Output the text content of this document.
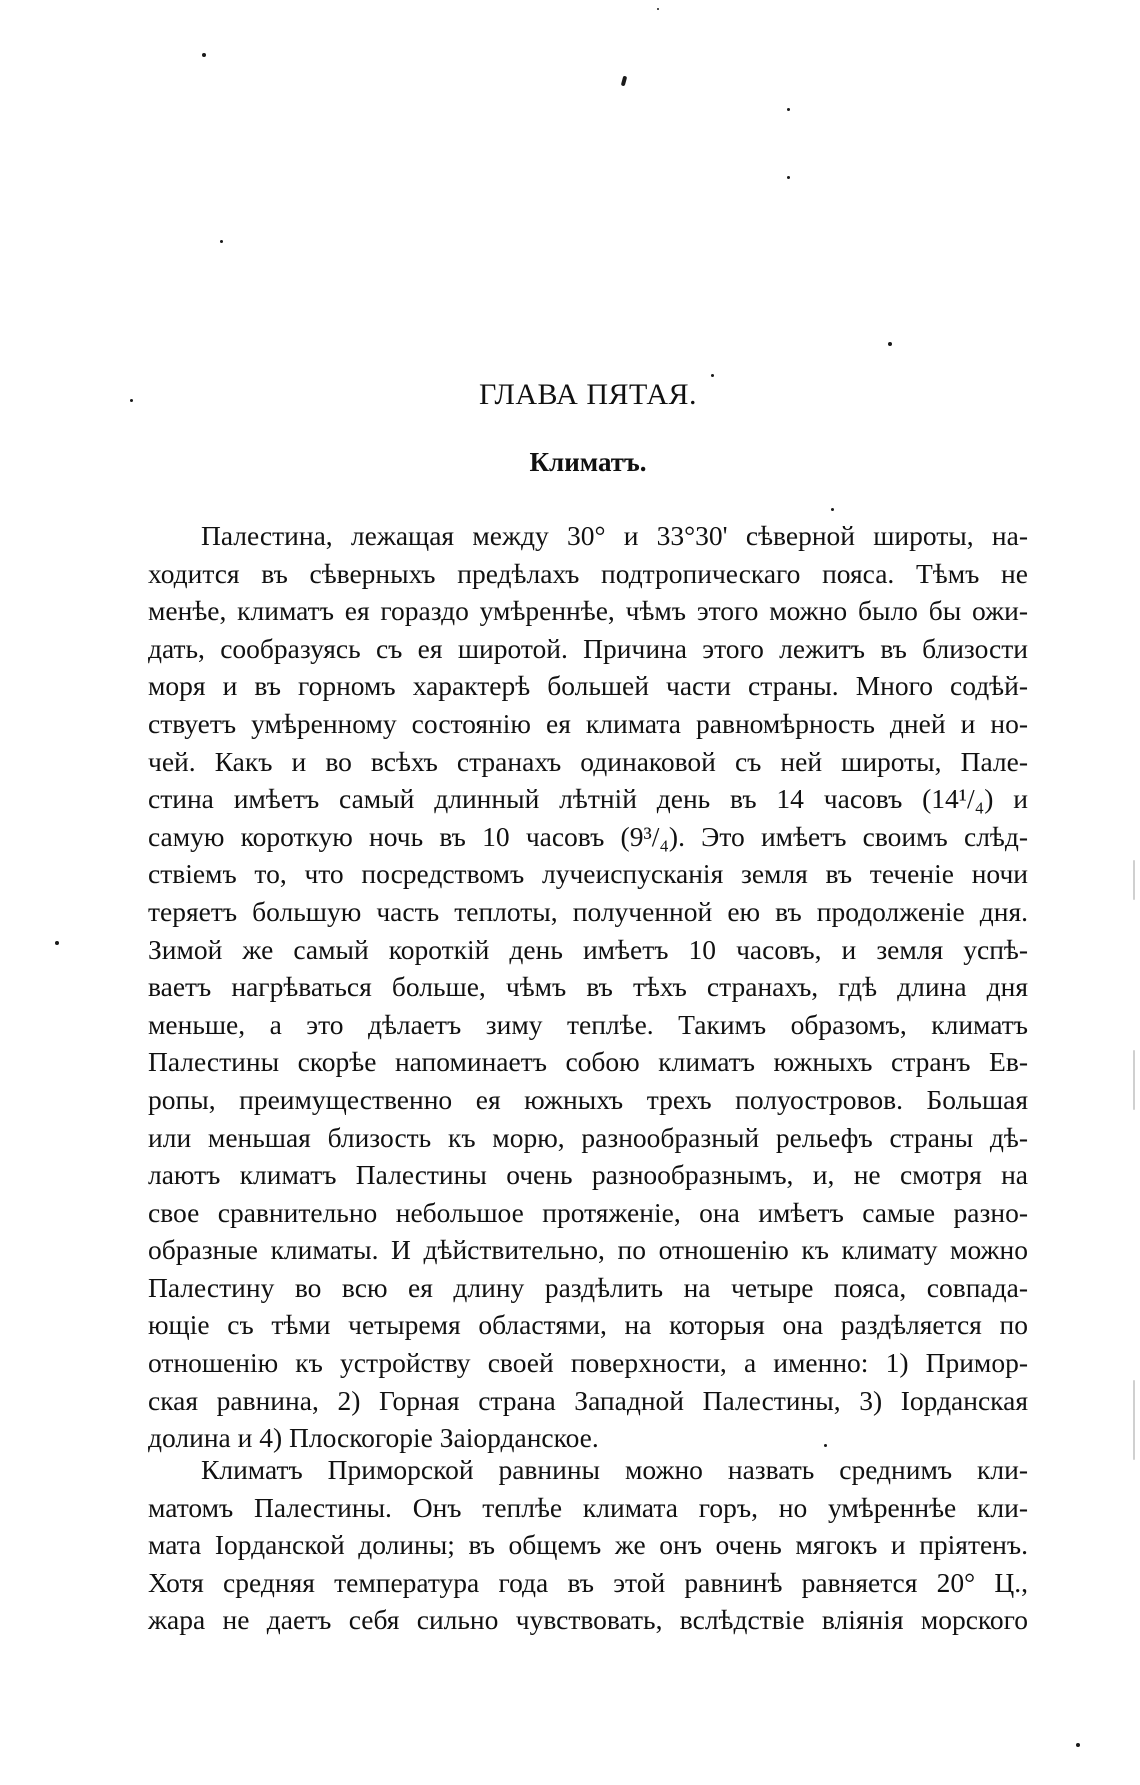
ГЛАВА ПЯТАЯ.
Климатъ.
Палестина, лежащая между 30° и 33°30' сѣверной широты, на-
ходится въ сѣверныхъ предѣлахъ подтропическаго пояса. Тѣмъ не
менѣе, климатъ ея гораздо умѣреннѣе, чѣмъ этого можно было бы ожи-
дать, сообразуясь съ ея широтой. Причина этого лежитъ въ близости
моря и въ горномъ характерѣ большей части страны. Много содѣй-
ствуетъ умѣренному состоянію ея климата равномѣрность дней и но-
чей. Какъ и во всѣхъ странахъ одинаковой съ ней широты, Пале-
стина имѣетъ самый длинный лѣтній день въ 14 часовъ (14¹/₄) и
самую короткую ночь въ 10 часовъ (9³/₄). Это имѣетъ своимъ слѣд-
ствіемъ то, что посредствомъ лучеиспусканія земля въ теченіе ночи
теряетъ большую часть теплоты, полученной ею въ продолженіе дня.
Зимой же самый короткій день имѣетъ 10 часовъ, и земля успѣ-
ваетъ нагрѣваться больше, чѣмъ въ тѣхъ странахъ, гдѣ длина дня
меньше, а это дѣлаетъ зиму теплѣе. Такимъ образомъ, климатъ
Палестины скорѣе напоминаетъ собою климатъ южныхъ странъ Ев-
ропы, преимущественно ея южныхъ трехъ полуостровов. Большая
или меньшая близость къ морю, разнообразный рельефъ страны дѣ-
лаютъ климатъ Палестины очень разнообразнымъ, и, не смотря на
свое сравнительно небольшое протяженіе, она имѣетъ самые разно-
образные климаты. И дѣйствительно, по отношенію къ климату можно
Палестину во всю ея длину раздѣлить на четыре пояса, совпада-
ющіе съ тѣми четыремя областями, на которыя она раздѣляется по
отношенію къ устройству своей поверхности, а именно: 1) Примор-
ская равнина, 2) Горная страна Западной Палестины, 3) Іорданская
долина и 4) Плоскогоріе Заіорданское.
Климатъ Приморской равнины можно назвать среднимъ кли-
матомъ Палестины. Онъ теплѣе климата горъ, но умѣреннѣе кли-
мата Іорданской долины; въ общемъ же онъ очень мягокъ и пріятенъ.
Хотя средняя температура года въ этой равнинѣ равняется 20° Ц.,
жара не даетъ себя сильно чувствовать, вслѣдствіе вліянія морского
